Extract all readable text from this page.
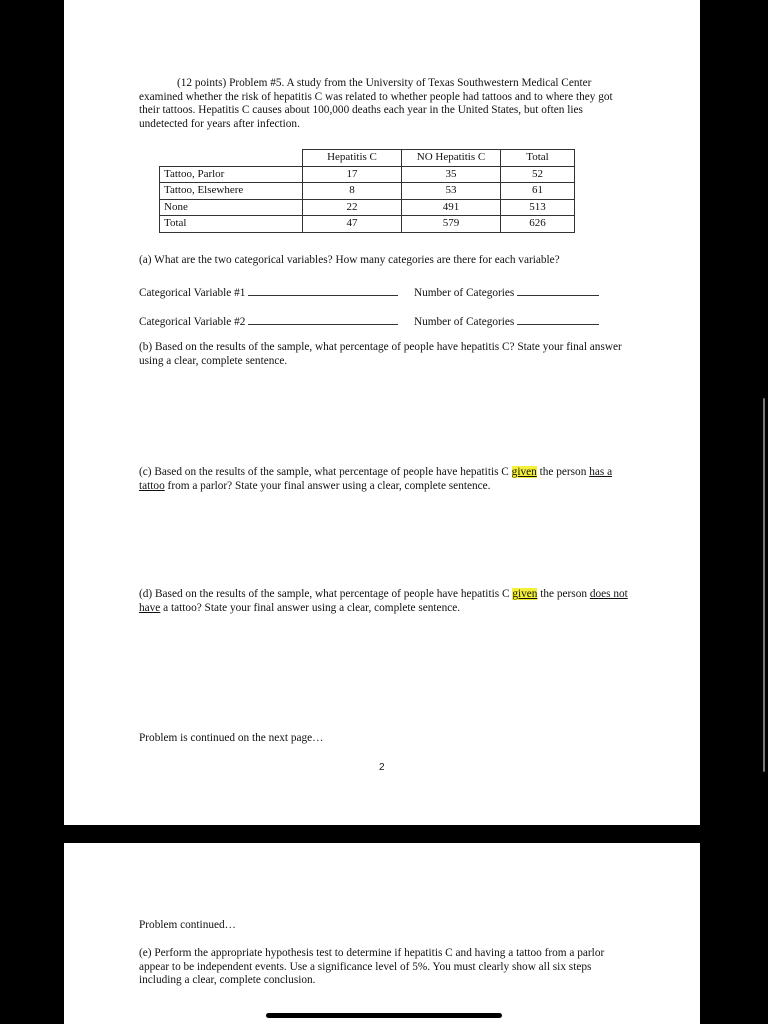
(12 points) Problem #5. A study from the University of Texas Southwestern Medical Center examined whether the risk of hepatitis C was related to whether people had tattoos and to where they got their tattoos. Hepatitis C causes about 100,000 deaths each year in the United States, but often lies undetected for years after infection.
	Hepatitis C	NO Hepatitis C	Total
Tattoo, Parlor	17	35	52
Tattoo, Elsewhere	8	53	61
None	22	491	513
Total	47	579	626
(a) What are the two categorical variables? How many categories are there for each variable?
Categorical Variable #1	Number of Categories
Categorical Variable #2	Number of Categories
(b) Based on the results of the sample, what percentage of people have hepatitis C? State your final answer using a clear, complete sentence.
(c) Based on the results of the sample, what percentage of people have hepatitis C given the person has a tattoo from a parlor? State your final answer using a clear, complete sentence.
(d) Based on the results of the sample, what percentage of people have hepatitis C given the person does not have a tattoo? State your final answer using a clear, complete sentence.
Problem is continued on the next page…
2
Problem continued…
(e) Perform the appropriate hypothesis test to determine if hepatitis C and having a tattoo from a parlor appear to be independent events. Use a significance level of 5%. You must clearly show all six steps including a clear, complete conclusion.
